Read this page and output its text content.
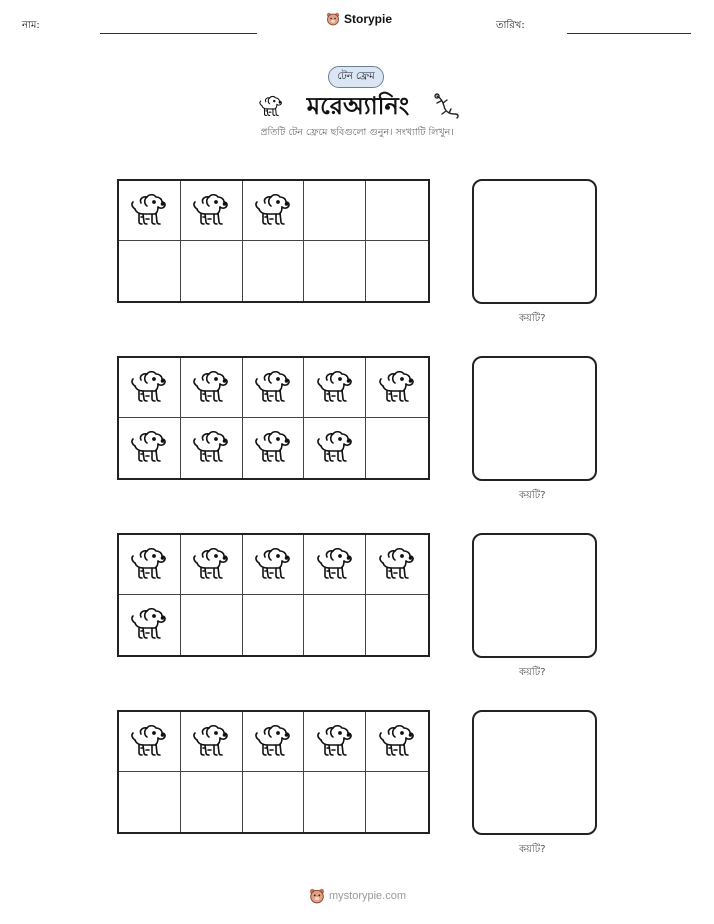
নাম:	Storypie	তারিখ:
টেন ফ্রেম
মরেঅ্যানিং
প্রতিটি টেন ফ্রেমে ছবিগুলো গুনুন। সংখ্যাটি লিখুন।
কয়টি?
কয়টি?
কয়টি?
কয়টি?
mystorypie.com
